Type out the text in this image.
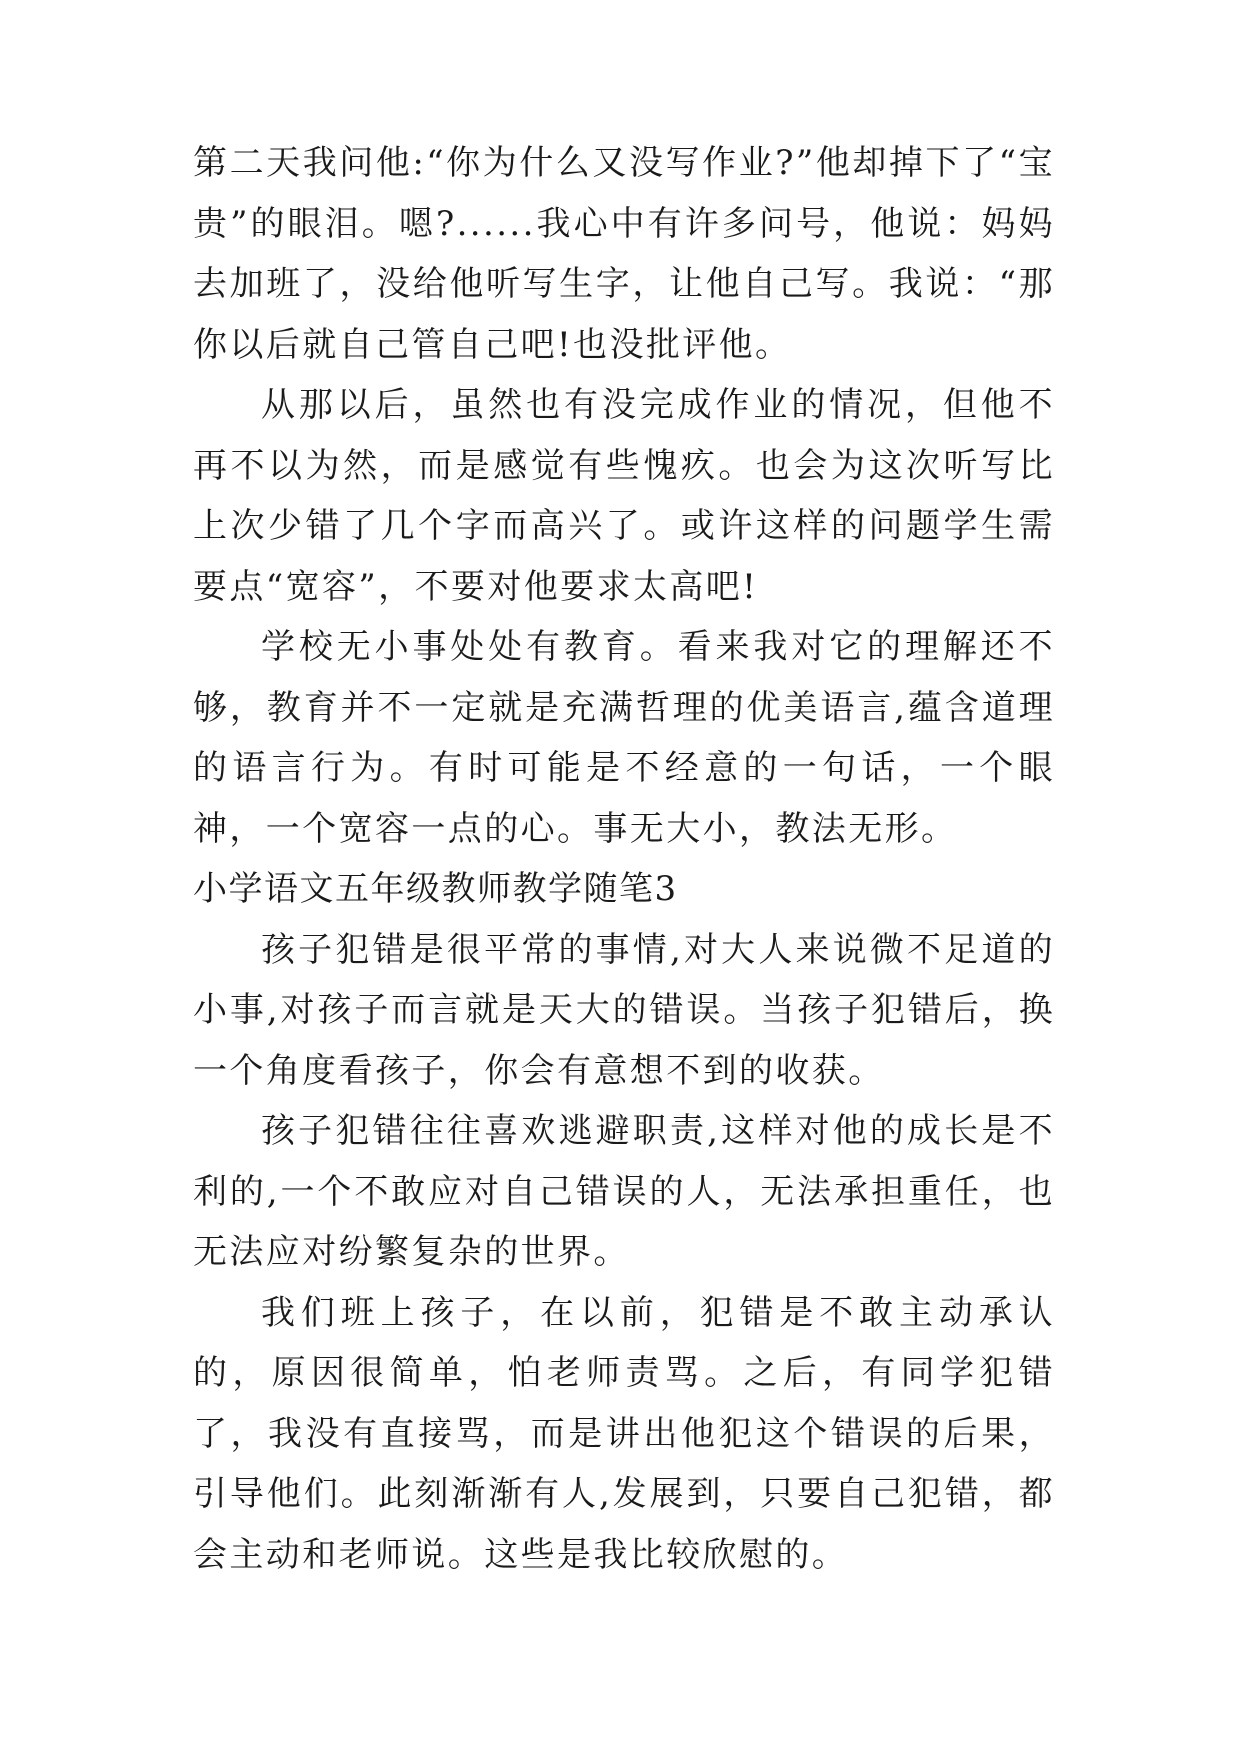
第二天我问他:“你为什么又没写作业?”他却掉下了“宝贵”的眼泪。嗯?......我心中有许多问号，他说：妈妈去加班了，没给他听写生字，让他自己写。我说：“那你以后就自己管自己吧!也没批评他。

从那以后，虽然也有没完成作业的情况，但他不再不以为然，而是感觉有些愧疚。也会为这次听写比上次少错了几个字而高兴了。或许这样的问题学生需要点“宽容”，不要对他要求太高吧!

学校无小事处处有教育。看来我对它的理解还不够，教育并不一定就是充满哲理的优美语言,蕴含道理的语言行为。有时可能是不经意的一句话，一个眼神，一个宽容一点的心。事无大小，教法无形。

小学语文五年级教师教学随笔3

孩子犯错是很平常的事情,对大人来说微不足道的小事,对孩子而言就是天大的错误。当孩子犯错后，换一个角度看孩子，你会有意想不到的收获。

孩子犯错往往喜欢逃避职责,这样对他的成长是不利的,一个不敢应对自己错误的人，无法承担重任，也无法应对纷繁复杂的世界。

我们班上孩子，在以前，犯错是不敢主动承认的，原因很简单，怕老师责骂。之后，有同学犯错了，我没有直接骂，而是讲出他犯这个错误的后果，引导他们。此刻渐渐有人,发展到，只要自己犯错，都会主动和老师说。这些是我比较欣慰的。
